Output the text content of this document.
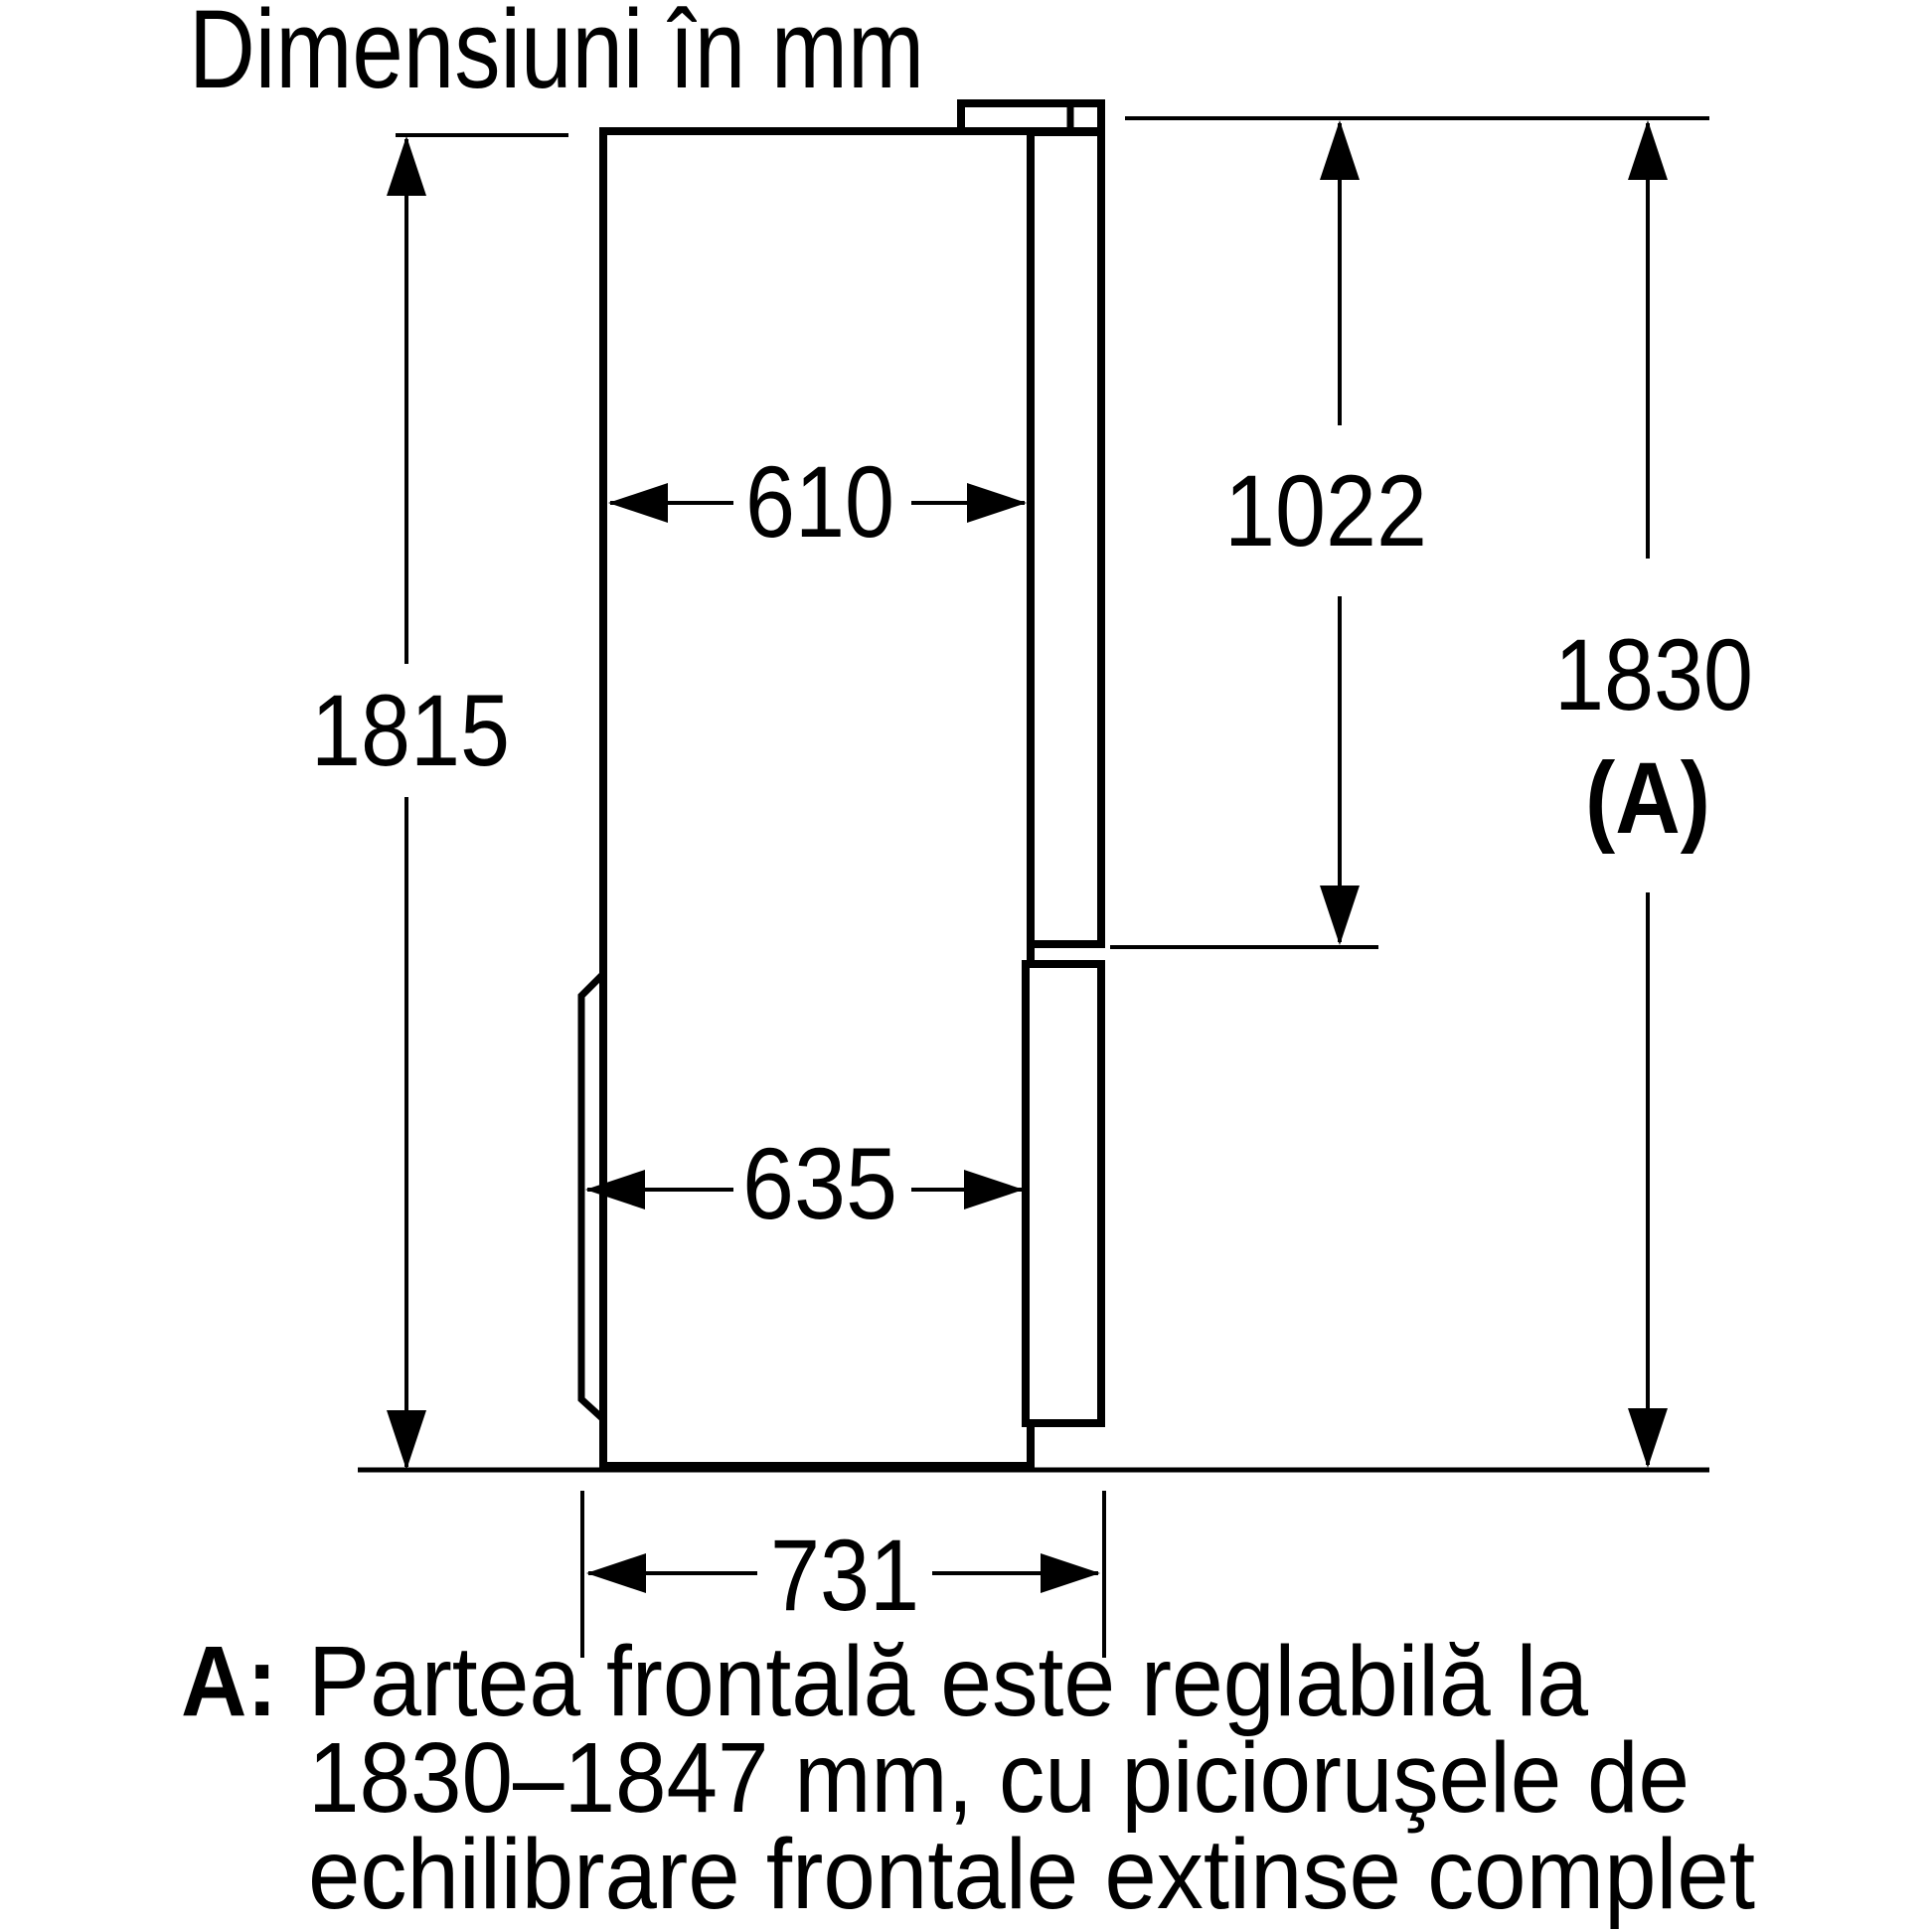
Dimensiuni în mm
1815
610	1022
1830
(A)
635
731
A: Partea frontală este reglabilă la
1830–1847 mm, cu picioruşele de
echilibrare frontale extinse complet
